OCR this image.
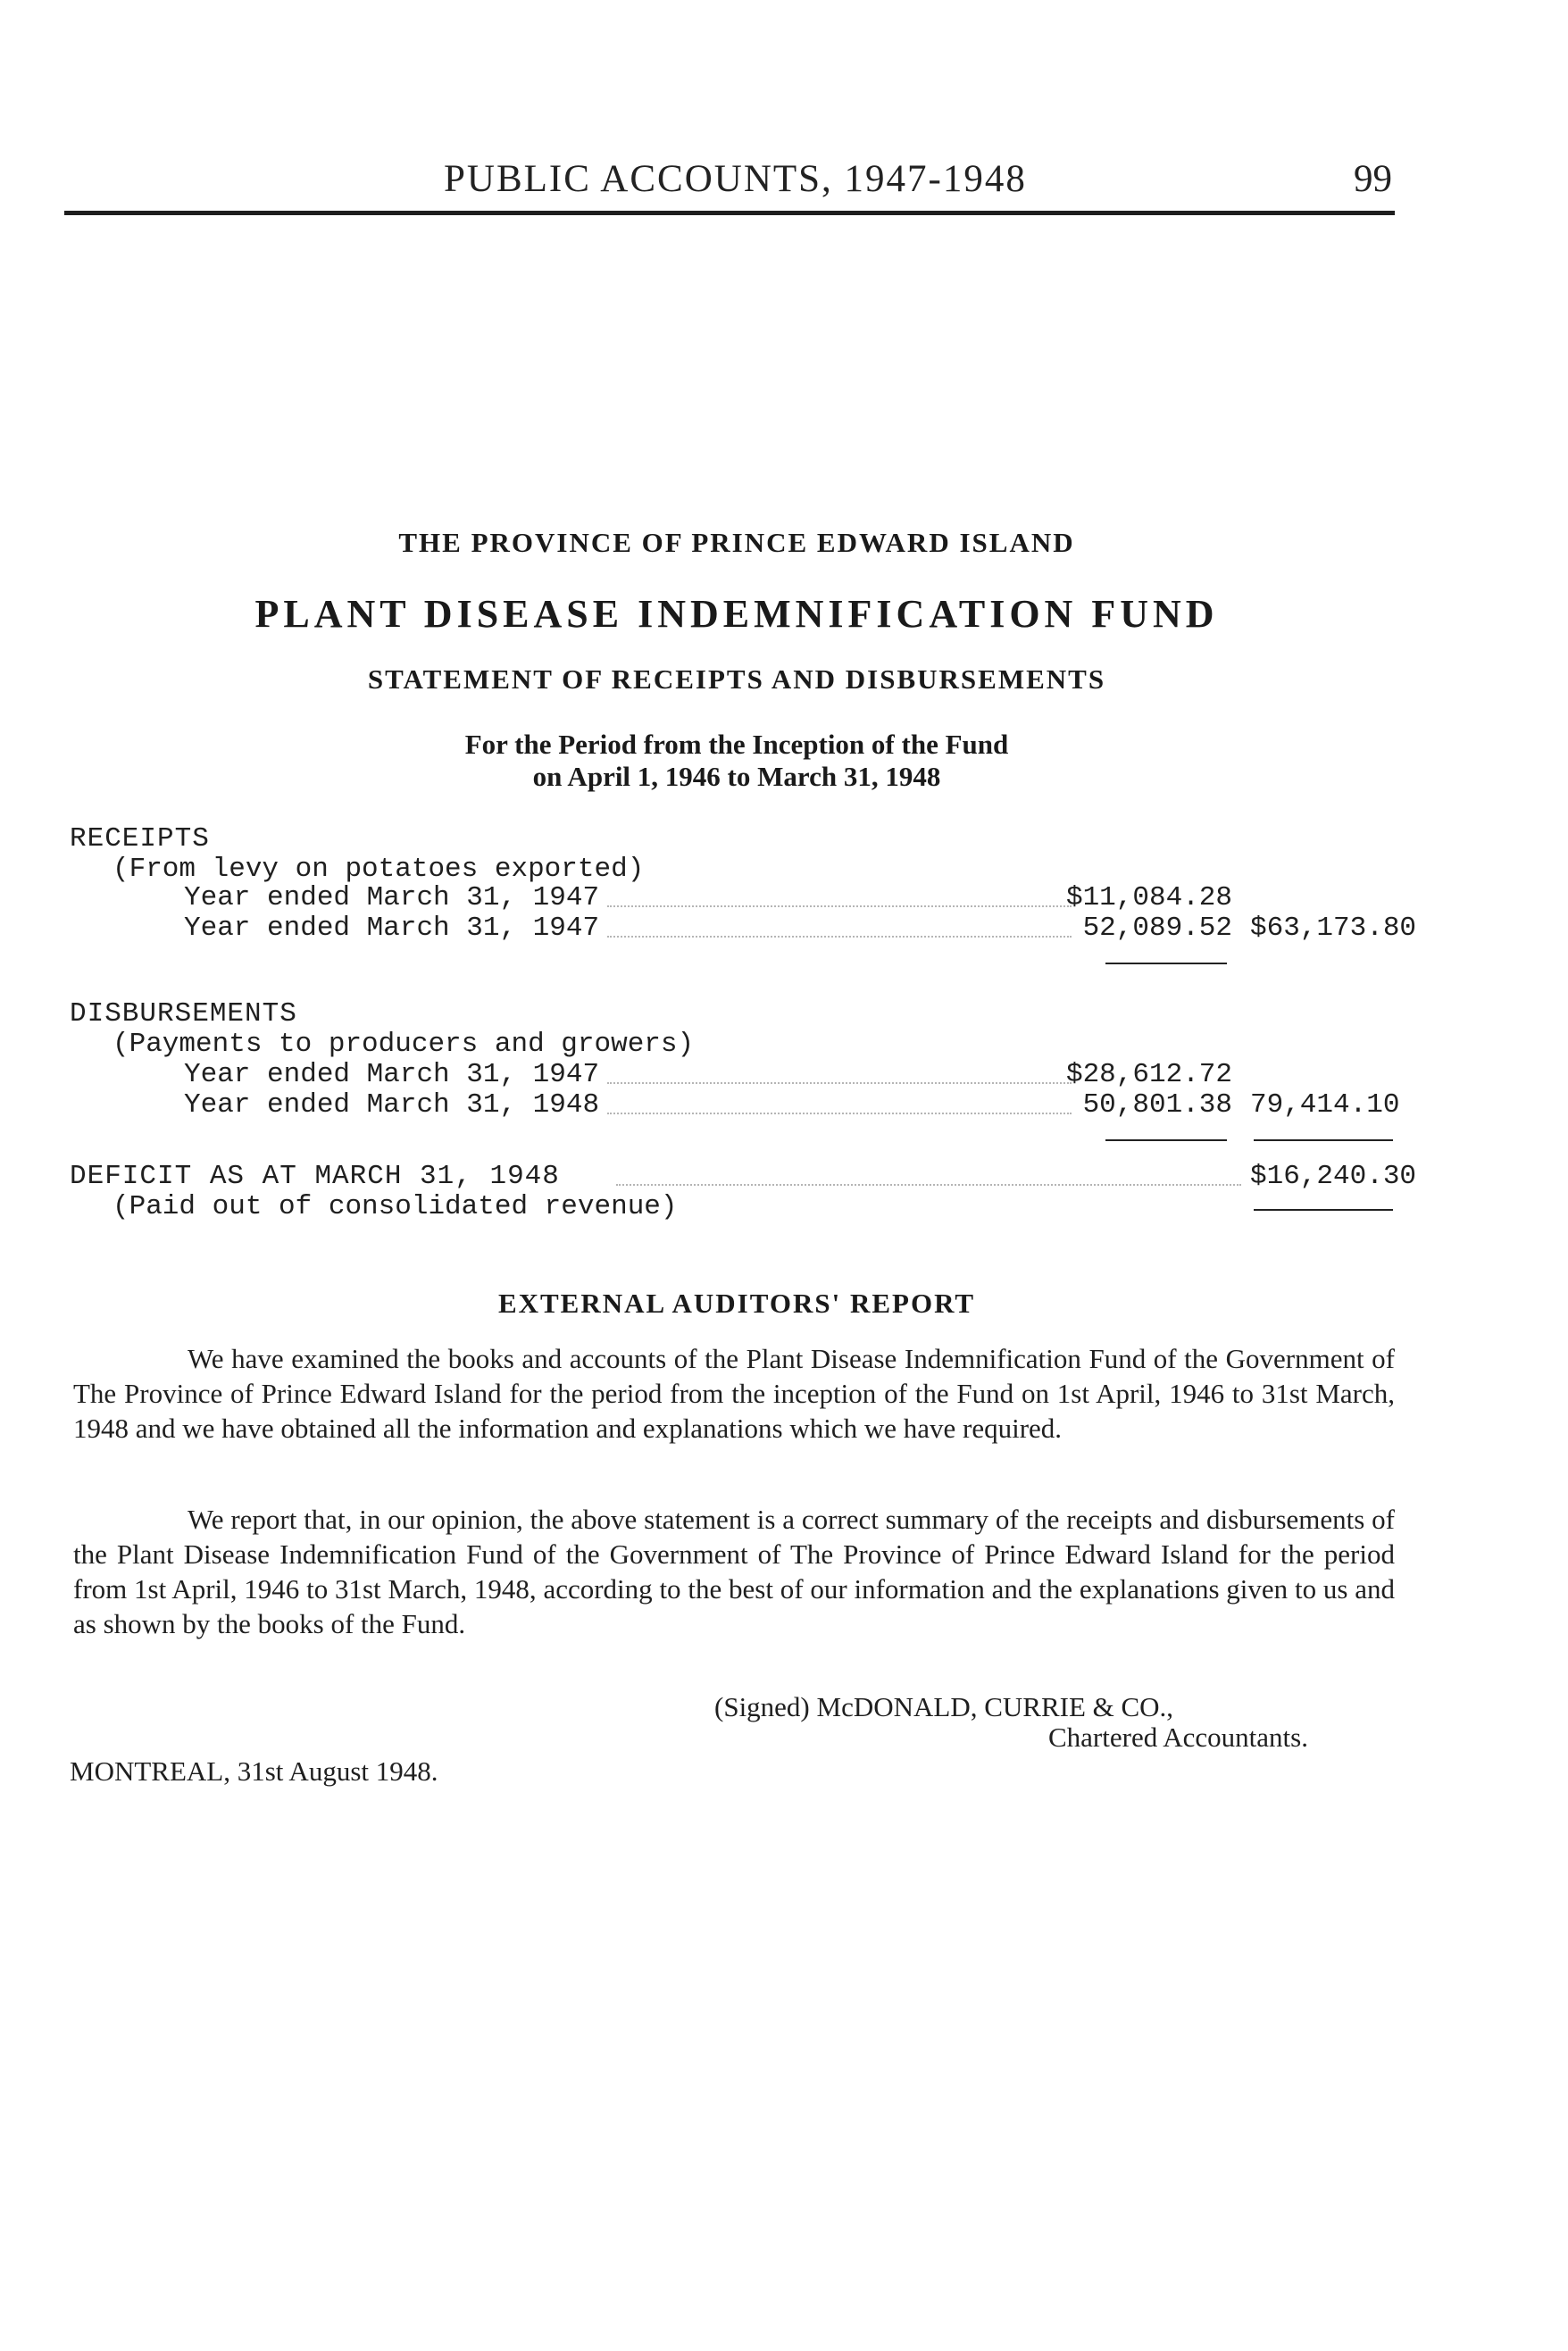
PUBLIC ACCOUNTS, 1947-1948	99
THE PROVINCE OF PRINCE EDWARD ISLAND
PLANT DISEASE INDEMNIFICATION FUND
STATEMENT OF RECEIPTS AND DISBURSEMENTS
For the Period from the Inception of the Fund
on April 1, 1946 to March 31, 1948
RECEIPTS
(From levy on potatoes exported)
Year ended March 31, 1947	$11,084.28
Year ended March 31, 1947	52,089.52 $63,173.80
DISBURSEMENTS
(Payments to producers and growers)
Year ended March 31, 1947	$28,612.72
Year ended March 31, 1948	50,801.38 79,414.10
DEFICIT AS AT MARCH 31, 1948	$16,240.30
(Paid out of consolidated revenue)
EXTERNAL AUDITORS' REPORT

We have examined the books and accounts of the Plant Disease Indemnification Fund of the Government of The Province of Prince Edward Island for the period from the inception of the Fund on 1st April, 1946 to 31st March, 1948 and we have obtained all the information and explanations which we have required.

We report that, in our opinion, the above statement is a correct summary of the receipts and disbursements of the Plant Disease Indemnification Fund of the Government of The Province of Prince Edward Island for the period from 1st April, 1946 to 31st March, 1948, according to the best of our information and the explanations given to us and as shown by the books of the Fund.

(Signed) McDONALD, CURRIE & CO.,
Chartered Accountants.
MONTREAL, 31st August 1948.
